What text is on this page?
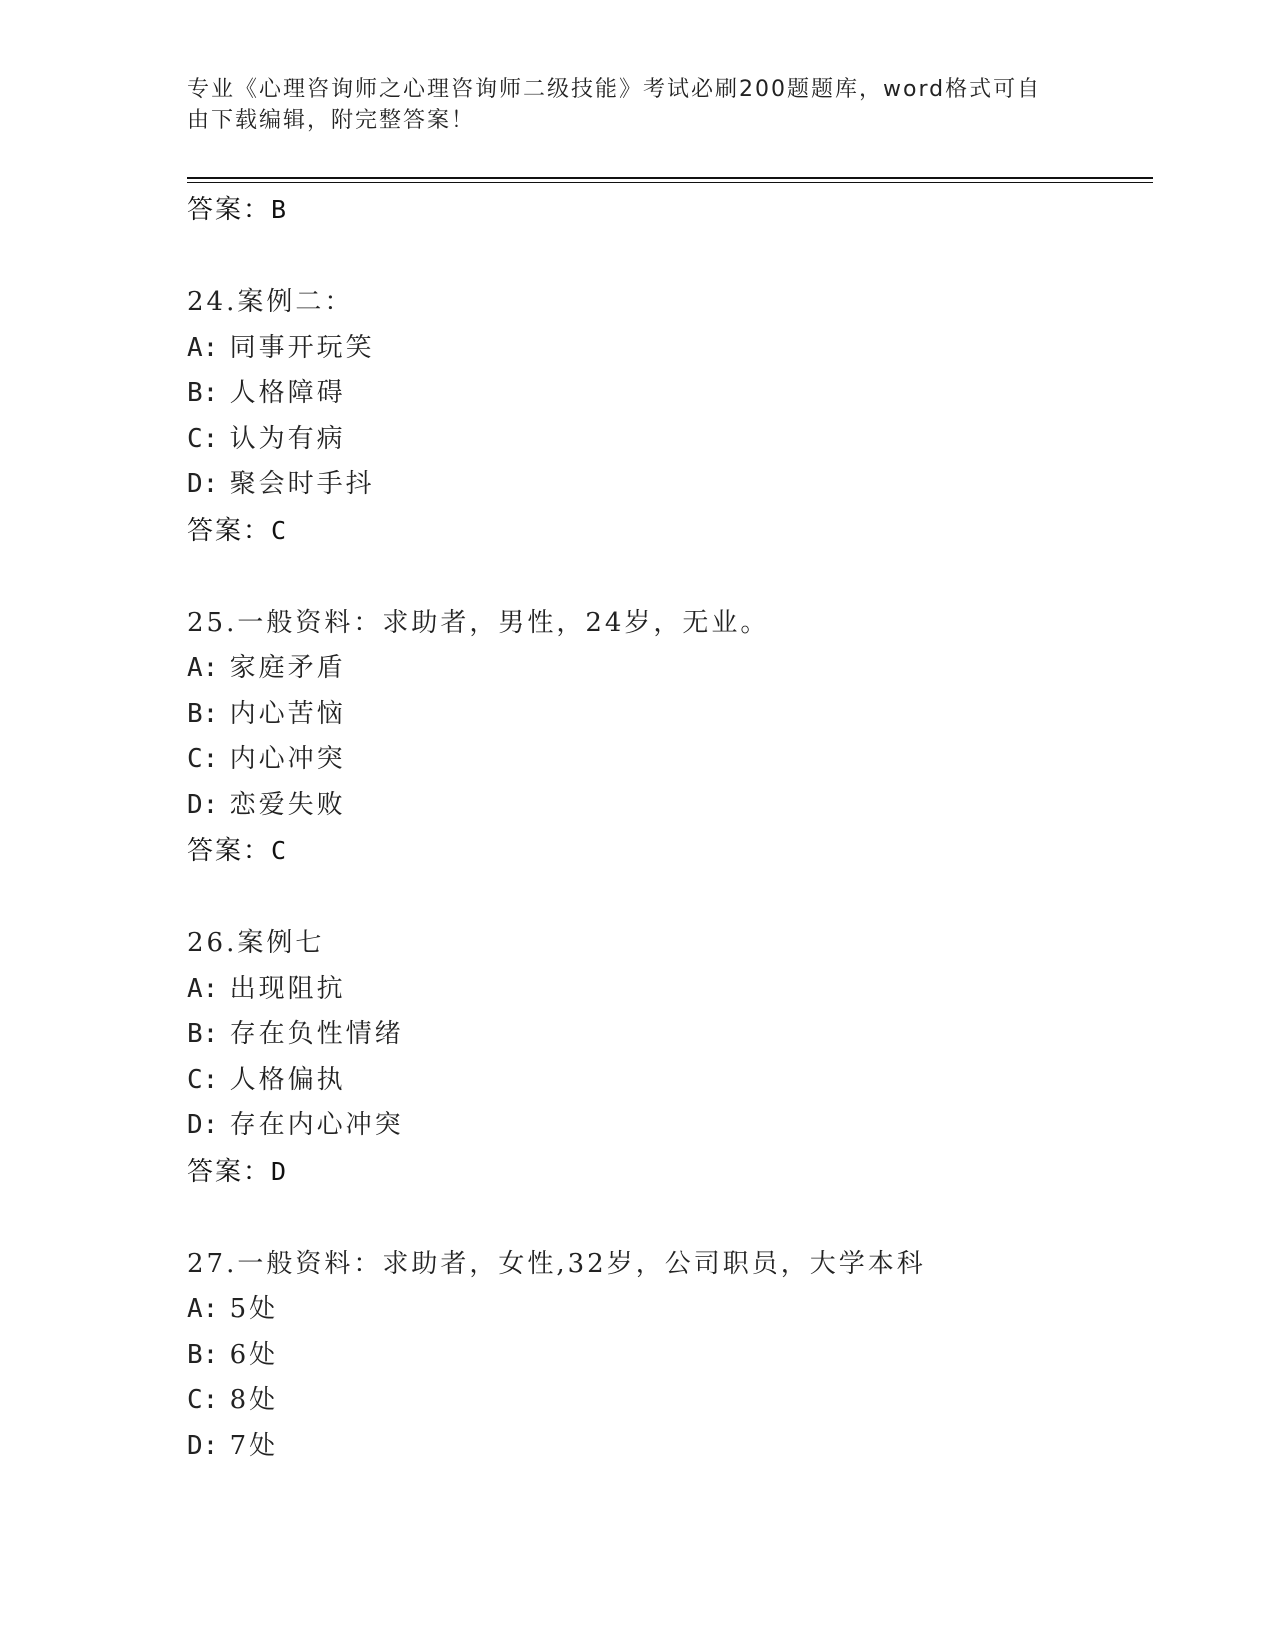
专业《心理咨询师之心理咨询师二级技能》考试必刷200题题库，word格式可自
由下载编辑，附完整答案！
答案：B
24.案例二：
A: 同事开玩笑
B: 人格障碍
C: 认为有病
D: 聚会时手抖
答案：C
25.一般资料：求助者，男性，24岁，无业。
A: 家庭矛盾
B: 内心苦恼
C: 内心冲突
D: 恋爱失败
答案：C
26.案例七
A: 出现阻抗
B: 存在负性情绪
C: 人格偏执
D: 存在内心冲突
答案：D
27.一般资料：求助者，女性,32岁，公司职员，大学本科
A: 5处
B: 6处
C: 8处
D: 7处
